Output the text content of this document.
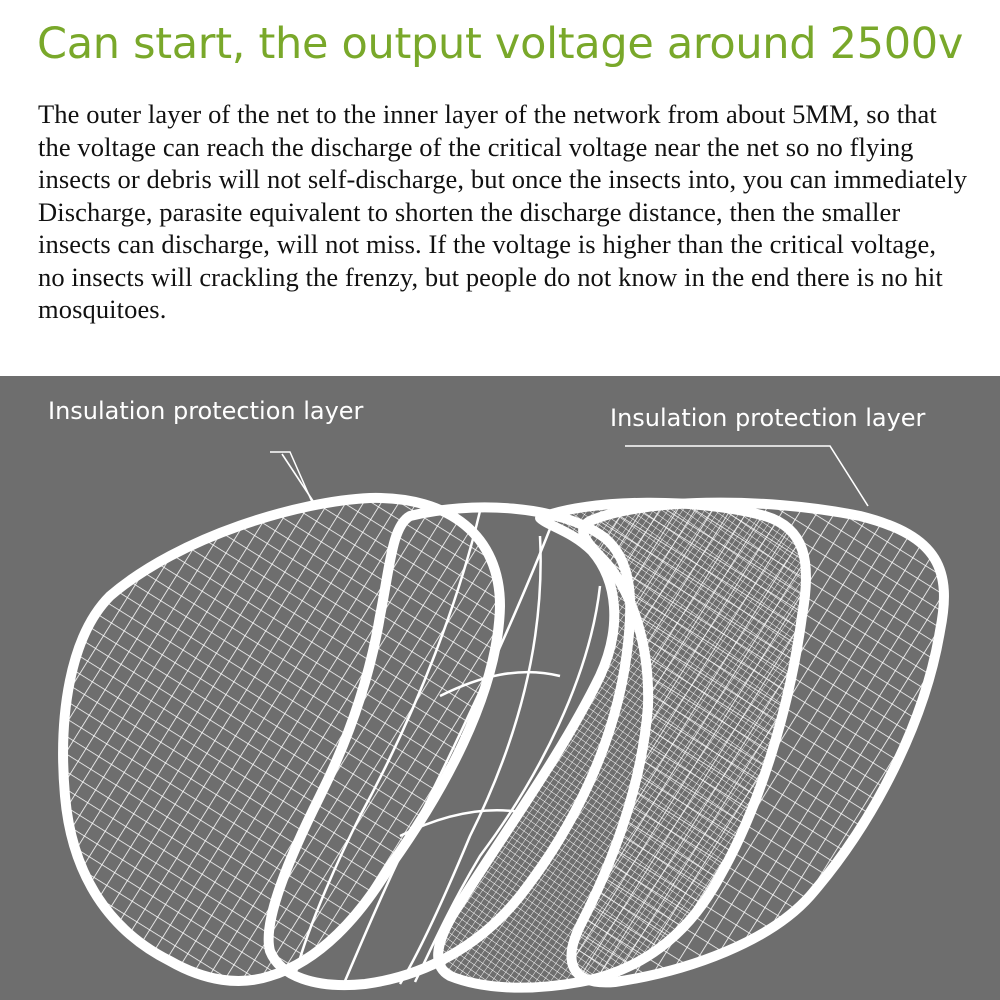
Can start, the output voltage around 2500v

The outer layer of the net to the inner layer of the network from about 5MM, so that the voltage can reach the discharge of the critical voltage near the net so no flying insects or debris will not self-discharge, but once the insects into, you can immediately Discharge, parasite equivalent to shorten the discharge distance, then the smaller insects can discharge, will not miss. If the voltage is higher than the critical voltage, no insects will crackling the frenzy, but people do not know in the end there is no hit mosquitoes.

Insulation protection layer	Insulation protection layer
